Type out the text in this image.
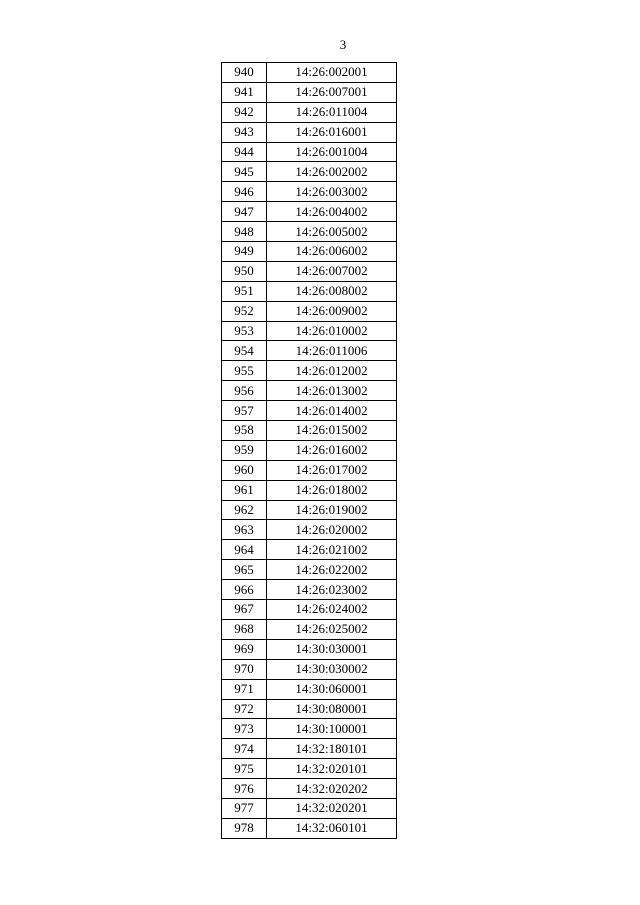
3
940	14:26:002001
941	14:26:007001
942	14:26:011004
943	14:26:016001
944	14:26:001004
945	14:26:002002
946	14:26:003002
947	14:26:004002
948	14:26:005002
949	14:26:006002
950	14:26:007002
951	14:26:008002
952	14:26:009002
953	14:26:010002
954	14:26:011006
955	14:26:012002
956	14:26:013002
957	14:26:014002
958	14:26:015002
959	14:26:016002
960	14:26:017002
961	14:26:018002
962	14:26:019002
963	14:26:020002
964	14:26:021002
965	14:26:022002
966	14:26:023002
967	14:26:024002
968	14:26:025002
969	14:30:030001
970	14:30:030002
971	14:30:060001
972	14:30:080001
973	14:30:100001
974	14:32:180101
975	14:32:020101
976	14:32:020202
977	14:32:020201
978	14:32:060101
